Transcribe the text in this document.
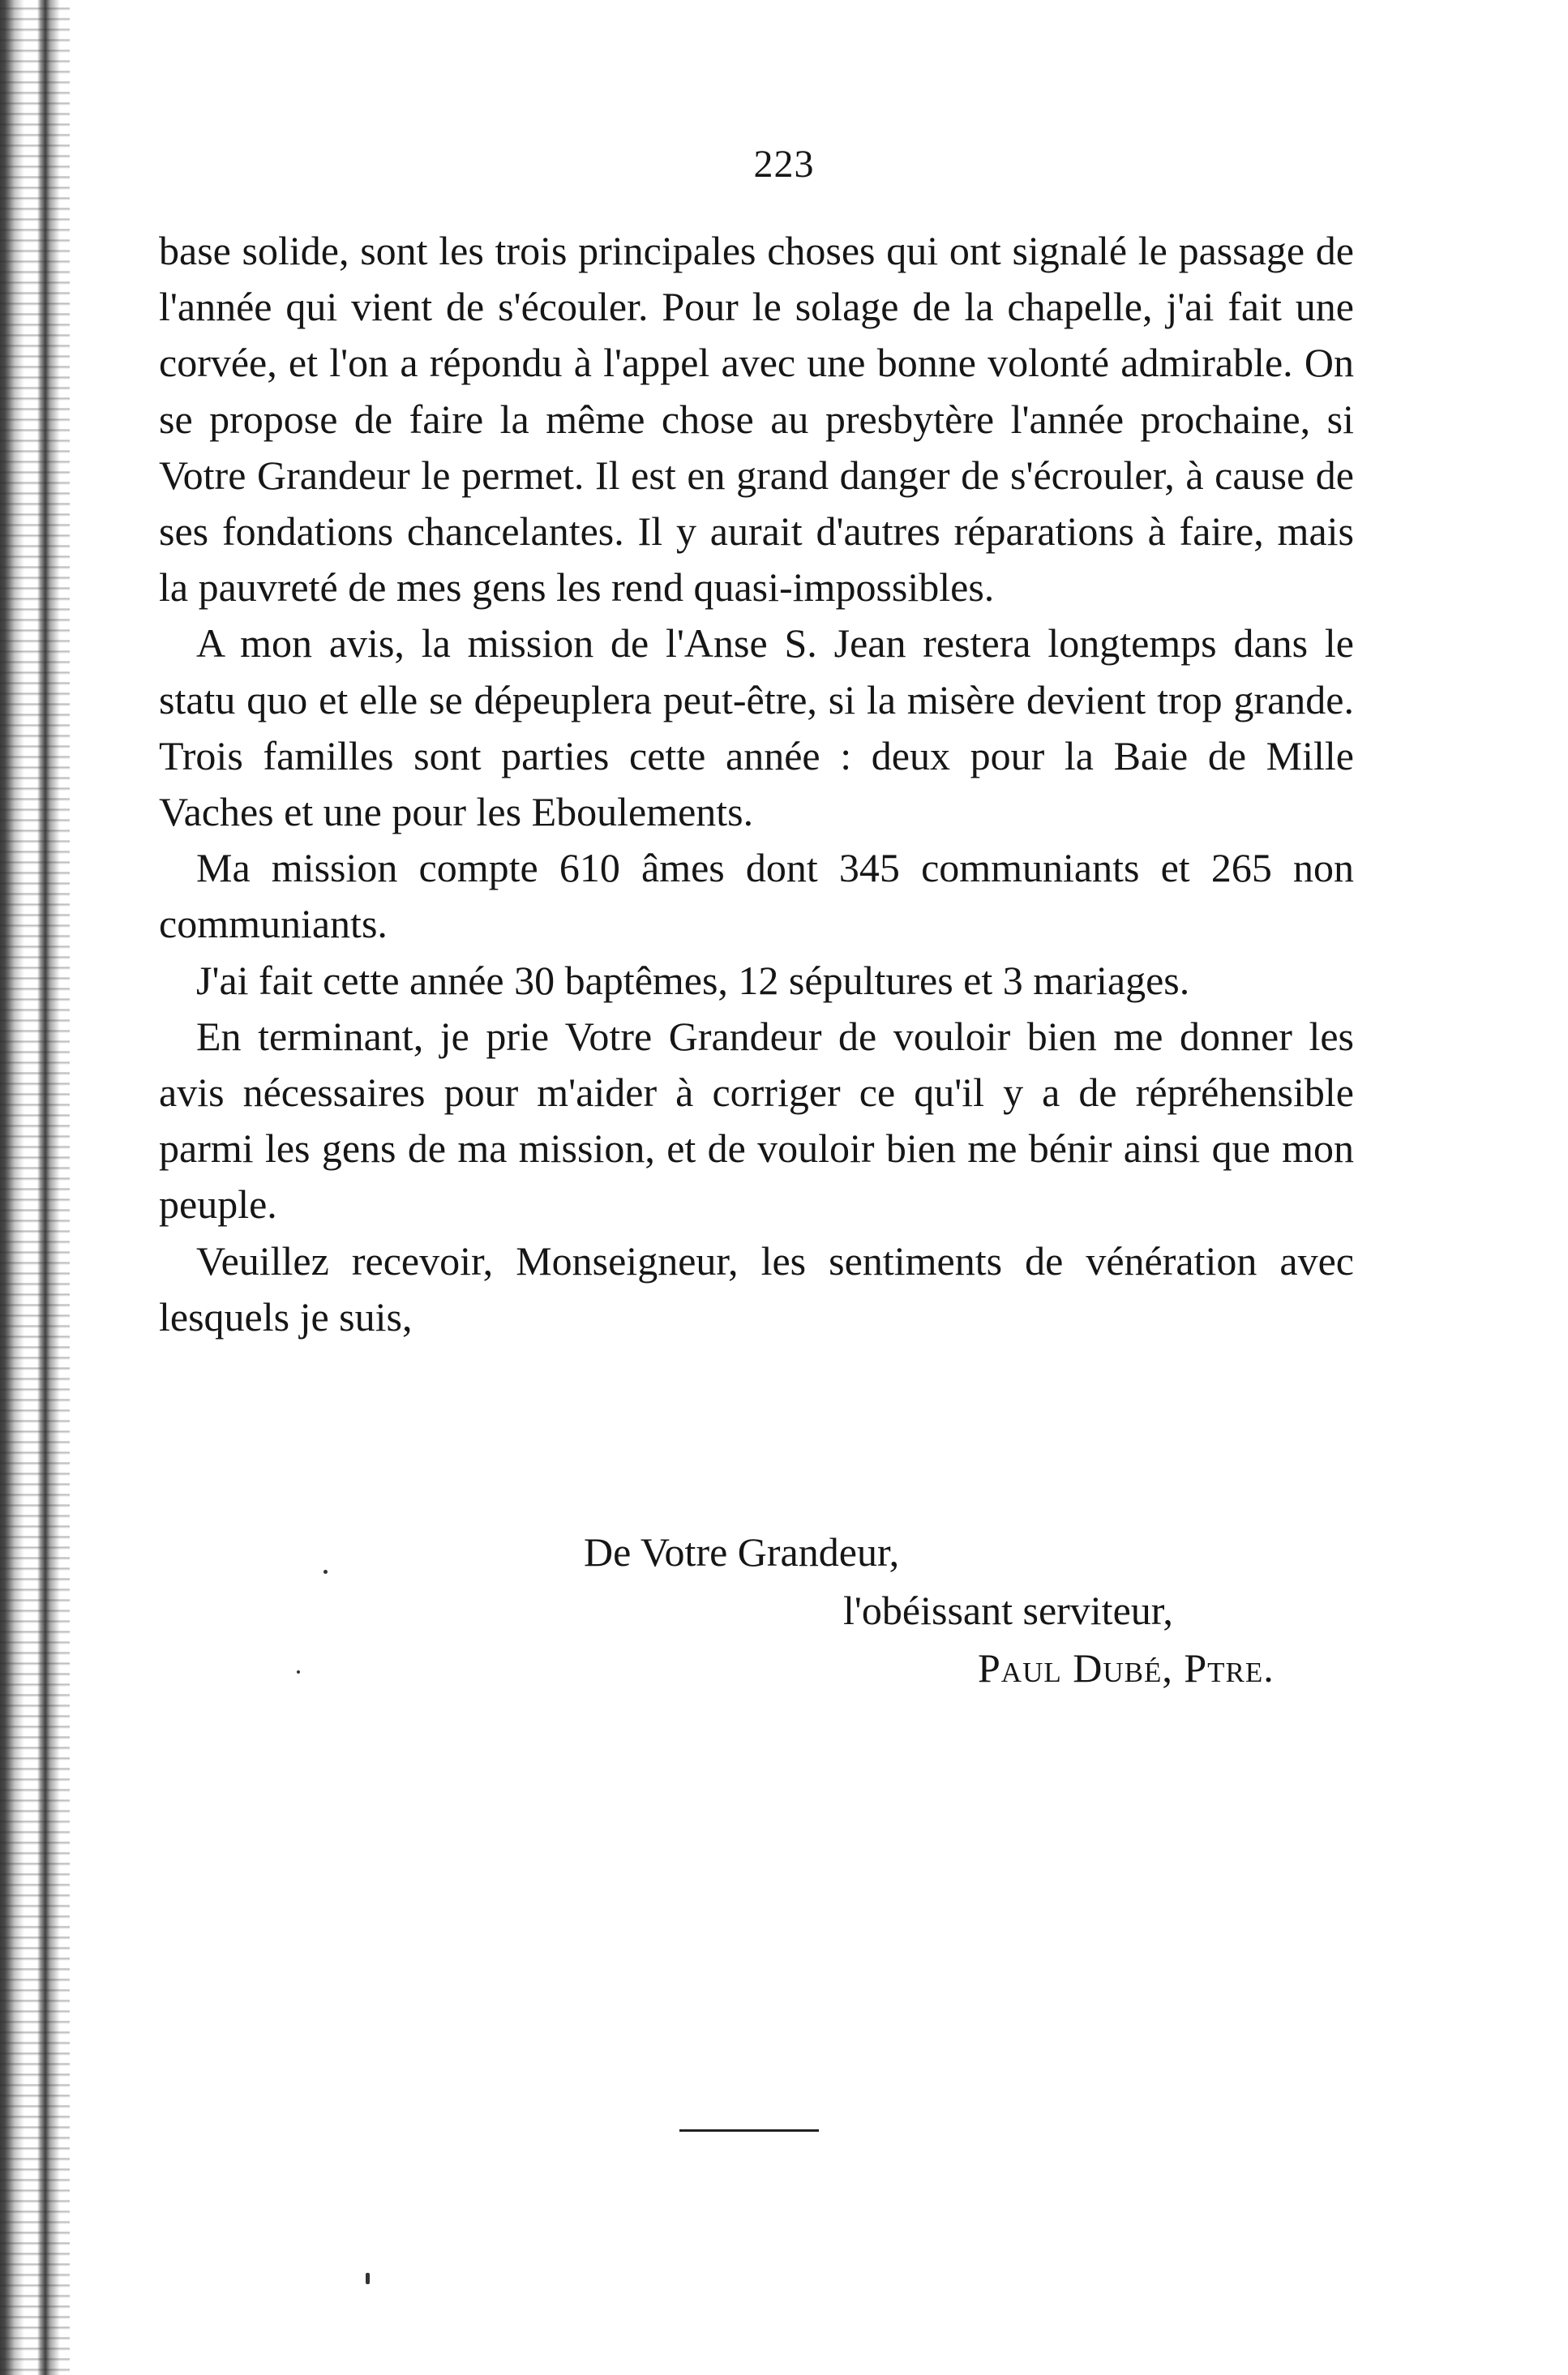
223

base solide, sont les trois principales choses qui ont signalé le passage de l'année qui vient de s'écouler. Pour le solage de la chapelle, j'ai fait une corvée, et l'on a répondu à l'appel avec une bonne volonté admirable. On se propose de faire la même chose au presbytère l'année prochaine, si Votre Grandeur le permet. Il est en grand danger de s'écrouler, à cause de ses fondations chancelantes. Il y aurait d'autres réparations à faire, mais la pauvreté de mes gens les rend quasi-impossibles.

A mon avis, la mission de l'Anse S. Jean restera longtemps dans le statu quo et elle se dépeuplera peut-être, si la misère devient trop grande. Trois familles sont parties cette année : deux pour la Baie de Mille Vaches et une pour les Eboulements.

Ma mission compte 610 âmes dont 345 communiants et 265 non communiants.

J'ai fait cette année 30 baptêmes, 12 sépultures et 3 mariages.

En terminant, je prie Votre Grandeur de vouloir bien me donner les avis nécessaires pour m'aider à corriger ce qu'il y a de répréhensible parmi les gens de ma mission, et de vouloir bien me bénir ainsi que mon peuple.

Veuillez recevoir, Monseigneur, les sentiments de vénération avec lesquels je suis,

De Votre Grandeur,
l'obéissant serviteur,
Paul Dubé, Ptre.
